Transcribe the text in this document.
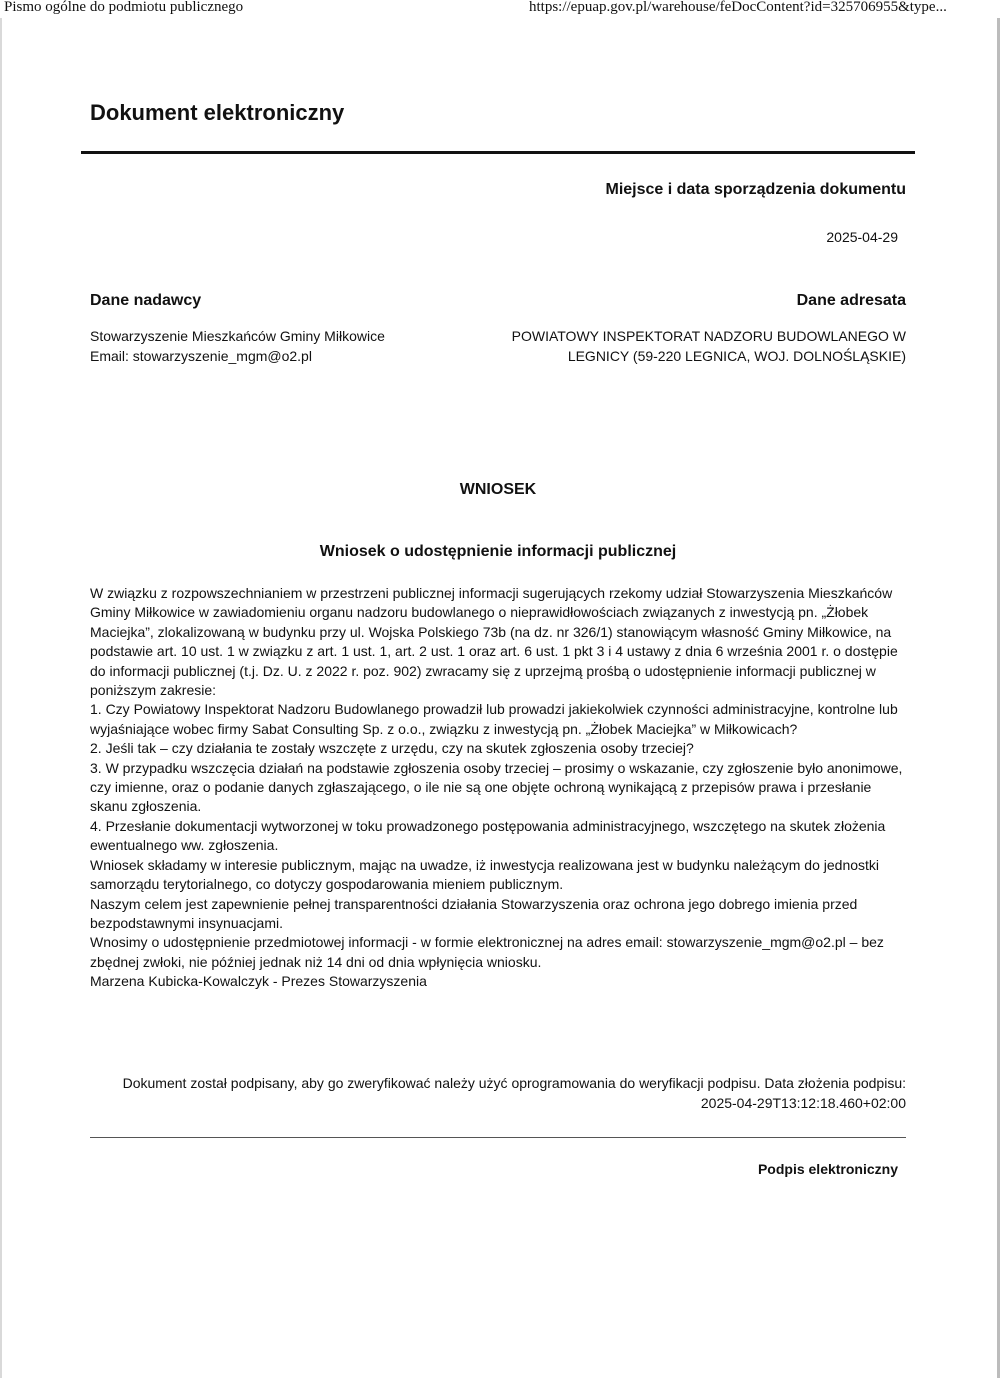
Pismo ogólne do podmiotu publicznego	https://epuap.gov.pl/warehouse/feDocContent?id=325706955&type...
Dokument elektroniczny
Miejsce i data sporządzenia dokumentu
2025-04-29
Dane nadawcy	Dane adresata
Stowarzyszenie Mieszkańców Gminy Miłkowice
Email: stowarzyszenie_mgm@o2.pl
POWIATOWY INSPEKTORAT NADZORU BUDOWLANEGO W LEGNICY (59-220 LEGNICA, WOJ. DOLNOŚLĄSKIE)
WNIOSEK
Wniosek o udostępnienie informacji publicznej

W związku z rozpowszechnianiem w przestrzeni publicznej informacji sugerujących rzekomy udział Stowarzyszenia Mieszkańców Gminy Miłkowice w zawiadomieniu organu nadzoru budowlanego o nieprawidłowościach związanych z inwestycją pn. „Żłobek Maciejka”, zlokalizowaną w budynku przy ul. Wojska Polskiego 73b (na dz. nr 326/1) stanowiącym własność Gminy Miłkowice, na podstawie art. 10 ust. 1 w związku z art. 1 ust. 1, art. 2 ust. 1 oraz art. 6 ust. 1 pkt 3 i 4 ustawy z dnia 6 września 2001 r. o dostępie do informacji publicznej (t.j. Dz. U. z 2022 r. poz. 902) zwracamy się z uprzejmą prośbą o udostępnienie informacji publicznej w poniższym zakresie:

1. Czy Powiatowy Inspektorat Nadzoru Budowlanego prowadził lub prowadzi jakiekolwiek czynności administracyjne, kontrolne lub wyjaśniające wobec firmy Sabat Consulting Sp. z o.o., związku z inwestycją pn. „Żłobek Maciejka” w Miłkowicach?

2. Jeśli tak – czy działania te zostały wszczęte z urzędu, czy na skutek zgłoszenia osoby trzeciej?

3. W przypadku wszczęcia działań na podstawie zgłoszenia osoby trzeciej – prosimy o wskazanie, czy zgłoszenie było anonimowe, czy imienne, oraz o podanie danych zgłaszającego, o ile nie są one objęte ochroną wynikającą z przepisów prawa i przesłanie skanu zgłoszenia.

4. Przesłanie dokumentacji wytworzonej w toku prowadzonego postępowania administracyjnego, wszczętego na skutek złożenia ewentualnego ww. zgłoszenia.

Wniosek składamy w interesie publicznym, mając na uwadze, iż inwestycja realizowana jest w budynku należącym do jednostki samorządu terytorialnego, co dotyczy gospodarowania mieniem publicznym.

Naszym celem jest zapewnienie pełnej transparentności działania Stowarzyszenia oraz ochrona jego dobrego imienia przed bezpodstawnymi insynuacjami.

Wnosimy o udostępnienie przedmiotowej informacji - w formie elektronicznej na adres email: stowarzyszenie_mgm@o2.pl – bez zbędnej zwłoki, nie później jednak niż 14 dni od dnia wpłynięcia wniosku.

Marzena Kubicka-Kowalczyk - Prezes Stowarzyszenia

Dokument został podpisany, aby go zweryfikować należy użyć oprogramowania do weryfikacji podpisu. Data złożenia podpisu:
2025-04-29T13:12:18.460+02:00
Podpis elektroniczny
